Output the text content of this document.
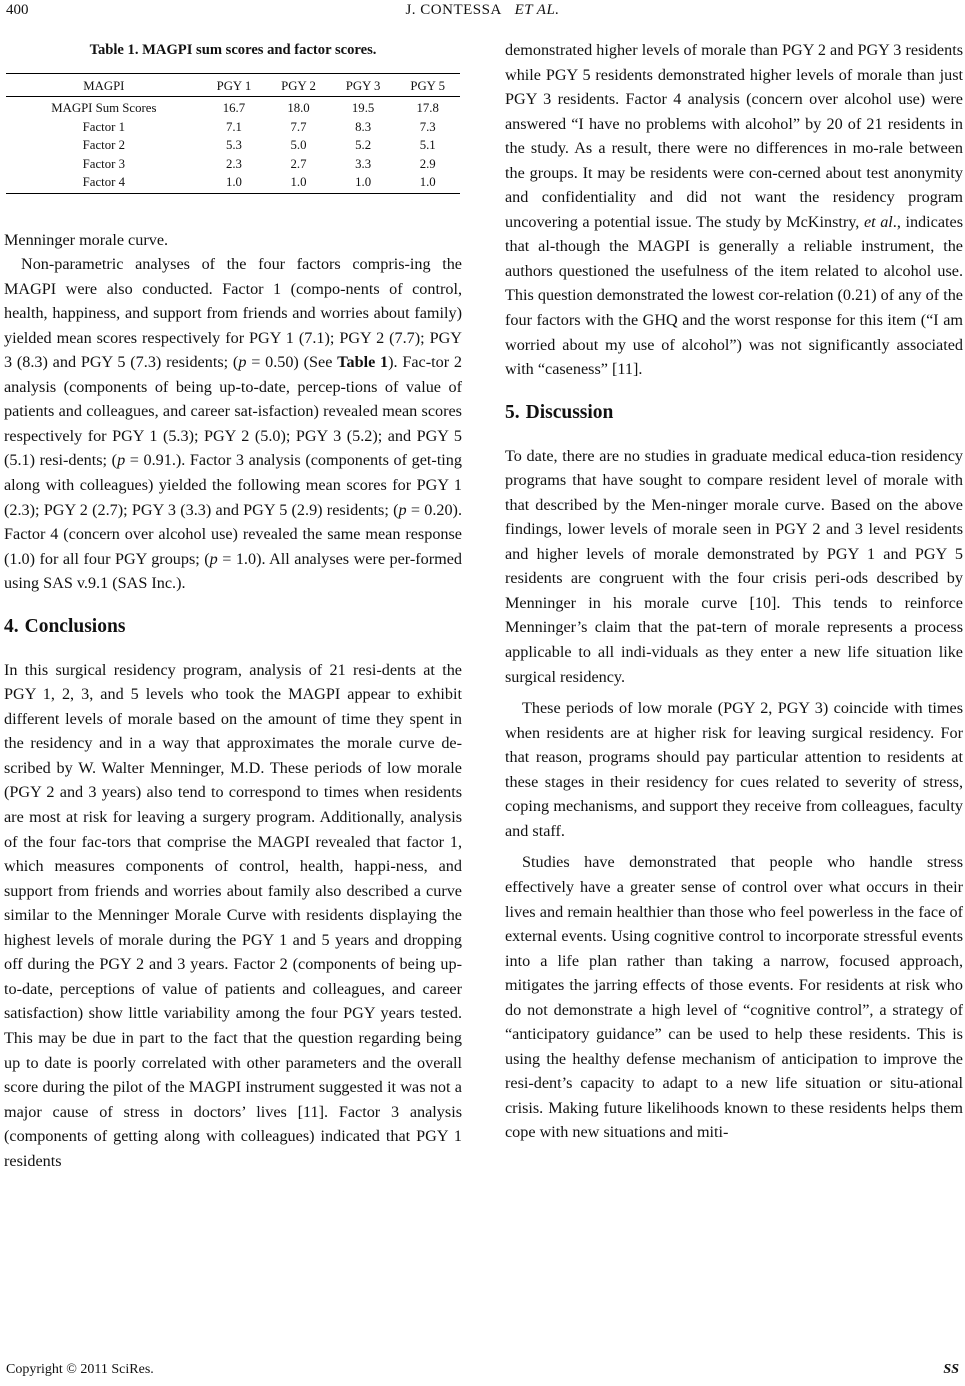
400	J. CONTESSA ET AL.
Table 1. MAGPI sum scores and factor scores.
MAGPI	PGY 1	PGY 2	PGY 3	PGY 5
MAGPI Sum Scores	16.7	18.0	19.5	17.8
Factor 1	7.1	7.7	8.3	7.3
Factor 2	5.3	5.0	5.2	5.1
Factor 3	2.3	2.7	3.3	2.9
Factor 4	1.0	1.0	1.0	1.0

Menninger morale curve.

Non-parametric analyses of the four factors compris-ing the MAGPI were also conducted. Factor 1 (compo-nents of control, health, happiness, and support from friends and worries about family) yielded mean scores respectively for PGY 1 (7.1); PGY 2 (7.7); PGY 3 (8.3) and PGY 5 (7.3) residents; (p = 0.50) (See Table 1). Fac-tor 2 analysis (components of being up-to-date, percep-tions of value of patients and colleagues, and career sat-isfaction) revealed mean scores respectively for PGY 1 (5.3); PGY 2 (5.0); PGY 3 (5.2); and PGY 5 (5.1) resi-dents; (p = 0.91.). Factor 3 analysis (components of get-ting along with colleagues) yielded the following mean scores for PGY 1 (2.3); PGY 2 (2.7); PGY 3 (3.3) and PGY 5 (2.9) residents; (p = 0.20). Factor 4 (concern over alcohol use) revealed the same mean response (1.0) for all four PGY groups; (p = 1.0). All analyses were per-formed using SAS v.9.1 (SAS Inc.).

4. Conclusions

In this surgical residency program, analysis of 21 resi-dents at the PGY 1, 2, 3, and 5 levels who took the MAGPI appear to exhibit different levels of morale based on the amount of time they spent in the residency and in a way that approximates the morale curve de-scribed by W. Walter Menninger, M.D. These periods of low morale (PGY 2 and 3 years) also tend to correspond to times when residents are most at risk for leaving a surgery program. Additionally, analysis of the four fac-tors that comprise the MAGPI revealed that factor 1, which measures components of control, health, happi-ness, and support from friends and worries about family also described a curve similar to the Menninger Morale Curve with residents displaying the highest levels of morale during the PGY 1 and 5 years and dropping off during the PGY 2 and 3 years. Factor 2 (components of being up-to-date, perceptions of value of patients and colleagues, and career satisfaction) show little variability among the four PGY years tested. This may be due in part to the fact that the question regarding being up to date is poorly correlated with other parameters and the overall score during the pilot of the MAGPI instrument suggested it was not a major cause of stress in doctors’ lives [11]. Factor 3 analysis (components of getting along with colleagues) indicated that PGY 1 residents

demonstrated higher levels of morale than PGY 2 and PGY 3 residents while PGY 5 residents demonstrated higher levels of morale than just PGY 3 residents. Factor 4 analysis (concern over alcohol use) were answered “I have no problems with alcohol” by 20 of 21 residents in the study. As a result, there were no differences in mo-rale between the groups. It may be residents were con-cerned about test anonymity and confidentiality and did not want the residency program uncovering a potential issue. The study by McKinstry, et al., indicates that al-though the MAGPI is generally a reliable instrument, the authors questioned the usefulness of the item related to alcohol use. This question demonstrated the lowest cor-relation (0.21) of any of the four factors with the GHQ and the worst response for this item (“I am worried about my use of alcohol”) was not significantly associated with “caseness” [11].

5. Discussion

To date, there are no studies in graduate medical educa-tion residency programs that have sought to compare resident level of morale with that described by the Men-ninger morale curve. Based on the above findings, lower levels of morale seen in PGY 2 and 3 level residents and higher levels of morale demonstrated by PGY 1 and PGY 5 residents are congruent with the four crisis peri-ods described by Menninger in his morale curve [10]. This tends to reinforce Menninger’s claim that the pat-tern of morale represents a process applicable to all indi-viduals as they enter a new life situation like surgical residency.

These periods of low morale (PGY 2, PGY 3) coincide with times when residents are at higher risk for leaving surgical residency. For that reason, programs should pay particular attention to residents at these stages in their residency for cues related to severity of stress, coping mechanisms, and support they receive from colleagues, faculty and staff.

Studies have demonstrated that people who handle stress effectively have a greater sense of control over what occurs in their lives and remain healthier than those who feel powerless in the face of external events. Using cognitive control to incorporate stressful events into a life plan rather than taking a narrow, focused approach, mitigates the jarring effects of those events. For residents at risk who do not demonstrate a high level of “cognitive control”, a strategy of “anticipatory guidance” can be used to help these residents. This is using the healthy defense mechanism of anticipation to improve the resi-dent’s capacity to adapt to a new life situation or situ-ational crisis. Making future likelihoods known to these residents helps them cope with new situations and miti-

Copyright © 2011 SciRes.	SS
